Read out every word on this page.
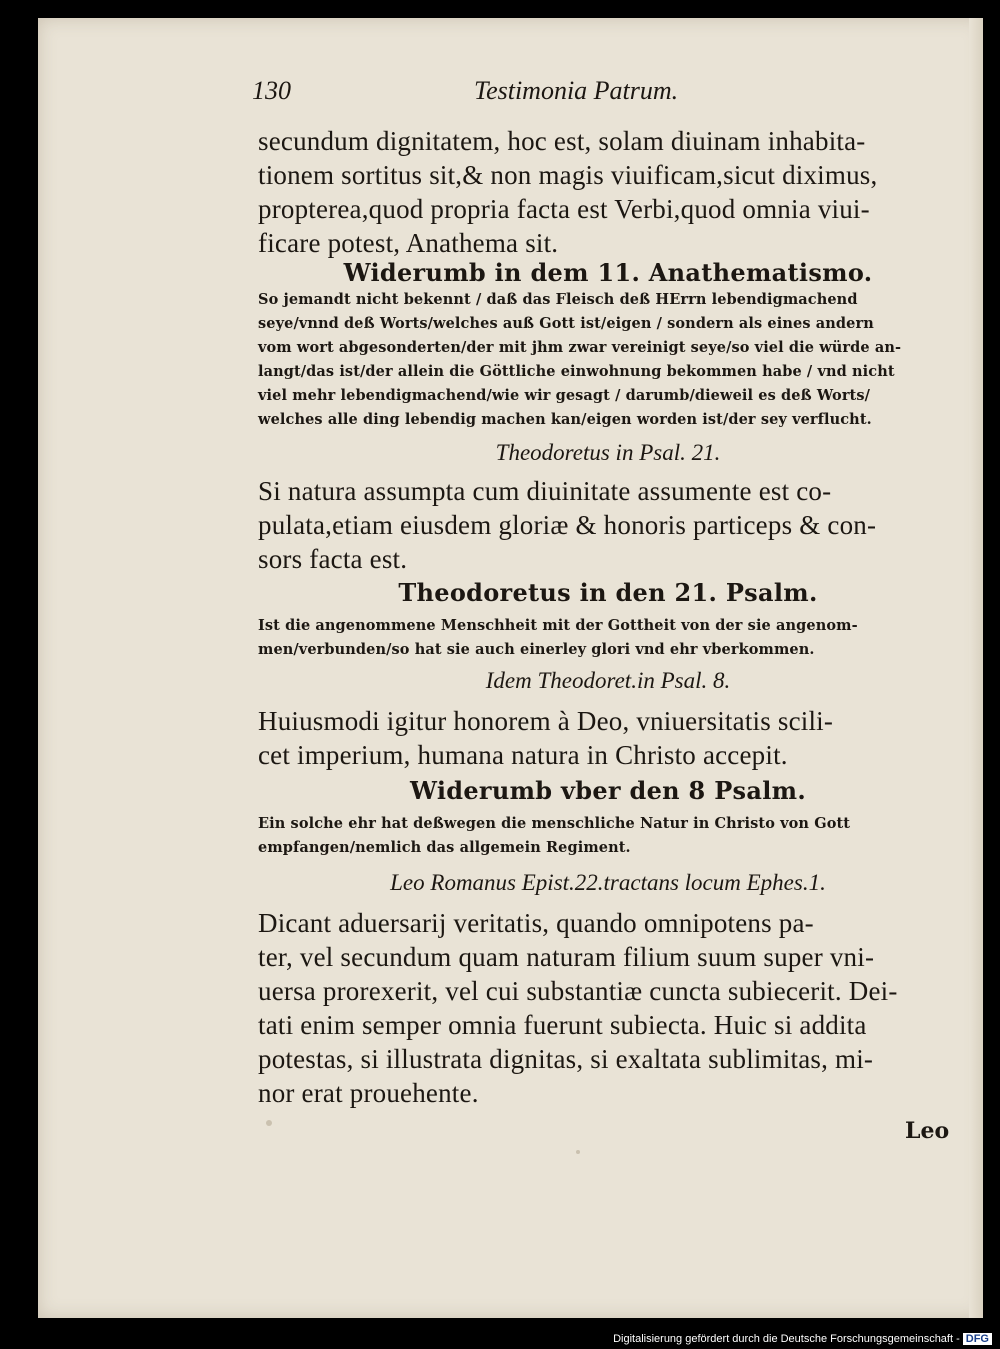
130	Testimonia Patrum.
secundum dignitatem, hoc est, solam diuinam inhabita-
tionem sortitus sit,& non magis viuificam,sicut diximus,
propterea,quod propria facta est Verbi,quod omnia viui-
ficare potest, Anathema sit.
Widerumb in dem 11. Anathematismo.
So jemandt nicht bekennt / daß das Fleisch deß HErrn lebendigmachend
seye/vnnd deß Worts/welches auß Gott ist/eigen / sondern als eines andern
vom wort abgesonderten/der mit jhm zwar vereinigt seye/so viel die würde an-
langt/das ist/der allein die Göttliche einwohnung bekommen habe / vnd nicht
viel mehr lebendigmachend/wie wir gesagt / darumb/dieweil es deß Worts/
welches alle ding lebendig machen kan/eigen worden ist/der sey verflucht.
Theodoretus in Psal. 21.
Si natura assumpta cum diuinitate assumente est co-
pulata,etiam eiusdem gloriæ & honoris particeps & con-
sors facta est.
Theodoretus in den 21. Psalm.
Ist die angenommene Menschheit mit der Gottheit von der sie angenom-
men/verbunden/so hat sie auch einerley glori vnd ehr vberkommen.
Idem Theodoret.in Psal. 8.
Huiusmodi igitur honorem à Deo, vniuersitatis scili-
cet imperium, humana natura in Christo accepit.
Widerumb vber den 8 Psalm.
Ein solche ehr hat deßwegen die menschliche Natur in Christo von Gott
empfangen/nemlich das allgemein Regiment.
Leo Romanus Epist.22.tractans locum Ephes.1.
Dicant aduersarij veritatis, quando omnipotens pa-
ter, vel secundum quam naturam filium suum super vni-
uersa prorexerit, vel cui substantiæ cuncta subiecerit. Dei-
tati enim semper omnia fuerunt subiecta. Huic si addita
potestas, si illustrata dignitas, si exaltata sublimitas, mi-
nor erat prouehente.
Leo
Digitalisierung gefördert durch die Deutsche Forschungsgemeinschaft - DFG
